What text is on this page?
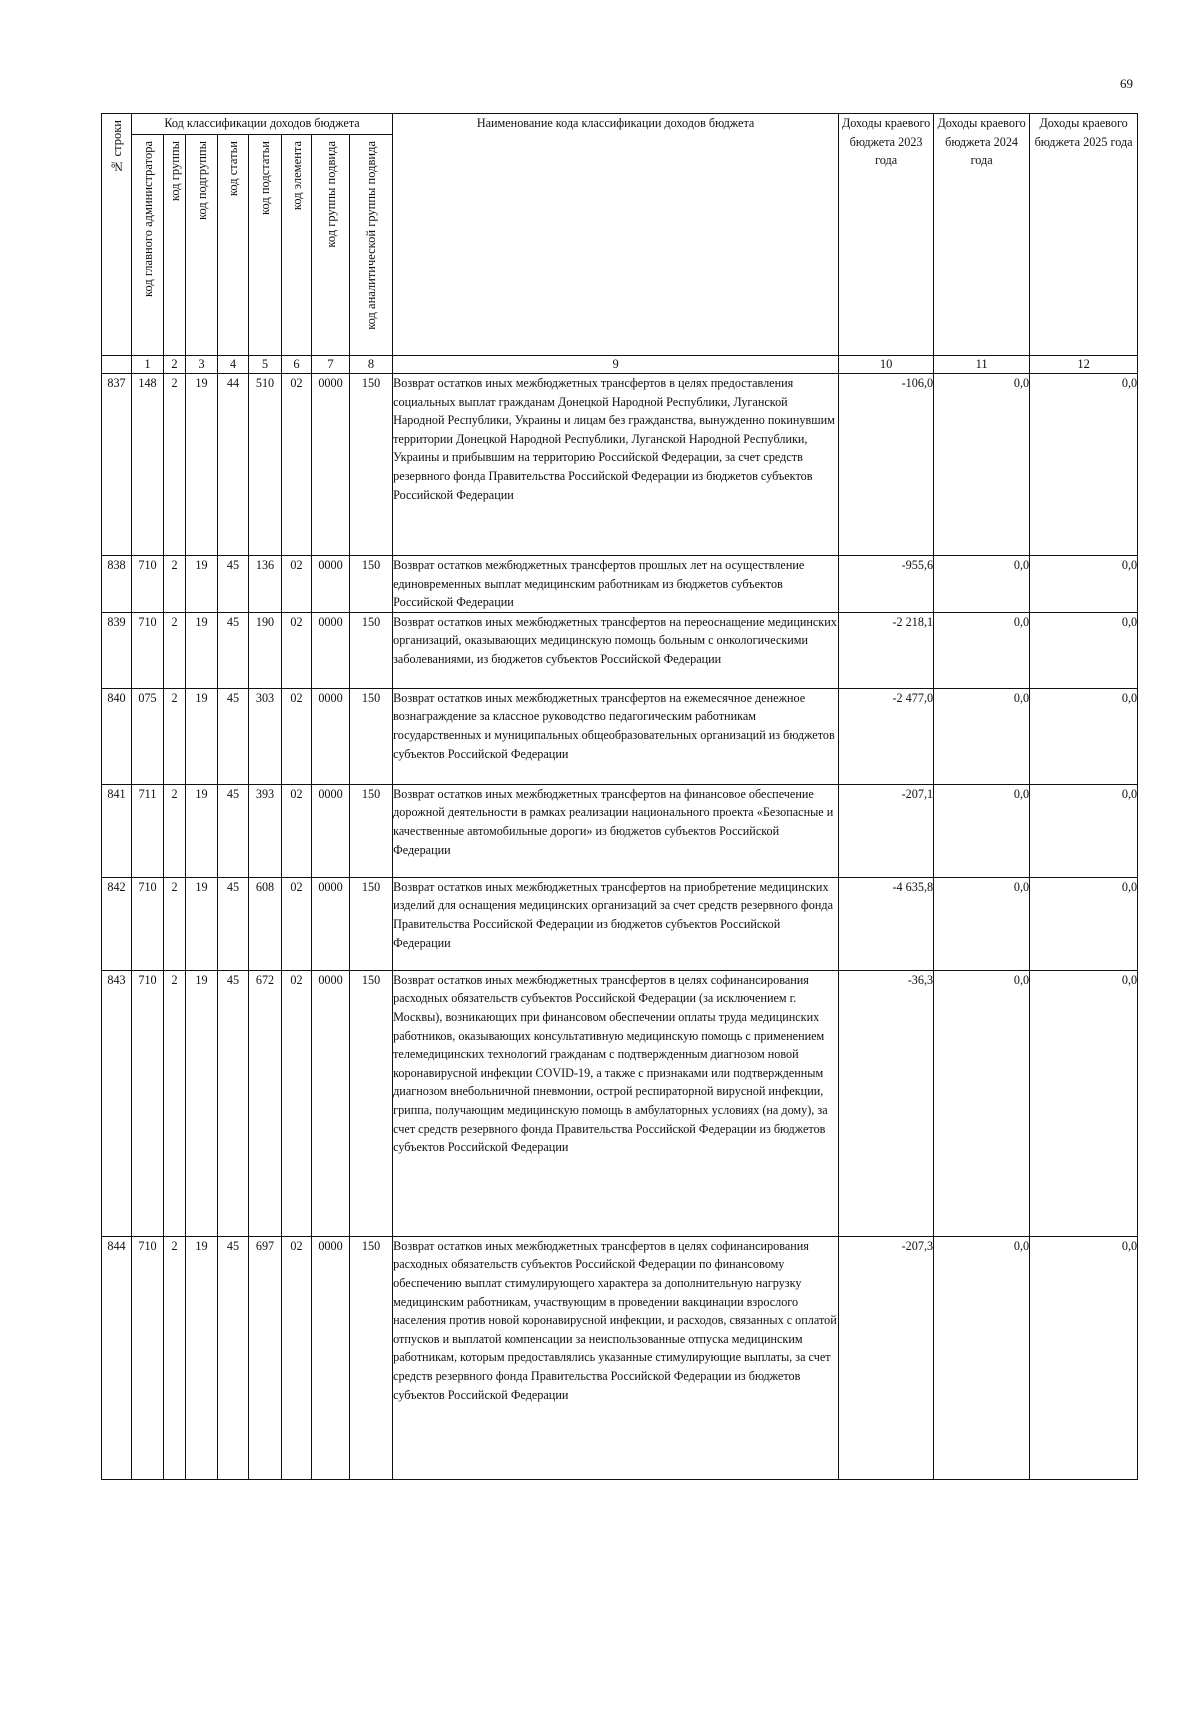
69
№ строки	Код классификации доходов бюджета								Наименование кода классификации доходов бюджета	Доходы краевого бюджета 2023 года	Доходы краевого бюджета 2024 года	Доходы краевого бюджета 2025 года

	код главного администратора	код группы	код подгруппы	код статьи	код подстатьи	код элемента	код группы подвида	код аналитической группы подвида				

	1	2	3	4	5	6	7	8	9	10	11	12
837	148	2	19	44	510	02	0000	150	Возврат остатков иных межбюджетных трансфертов в целях предоставления социальных выплат гражданам Донецкой Народной Республики, Луганской Народной Республики, Украины и лицам без гражданства, вынужденно покинувшим территории Донецкой Народной Республики, Луганской Народной Республики, Украины и прибывшим на территорию Российской Федерации, за счет средств резервного фонда Правительства Российской Федерации из бюджетов субъектов Российской Федерации	-106,0	0,0	0,0
838	710	2	19	45	136	02	0000	150	Возврат остатков межбюджетных трансфертов прошлых лет на осуществление единовременных выплат медицинским работникам из бюджетов субъектов Российской Федерации	-955,6	0,0	0,0
839	710	2	19	45	190	02	0000	150	Возврат остатков иных межбюджетных трансфертов на переоснащение медицинских организаций, оказывающих медицинскую помощь больным с онкологическими заболеваниями, из бюджетов субъектов Российской Федерации	-2 218,1	0,0	0,0
840	075	2	19	45	303	02	0000	150	Возврат остатков иных межбюджетных трансфертов на ежемесячное денежное вознаграждение за классное руководство педагогическим работникам государственных и муниципальных общеобразовательных организаций из бюджетов субъектов Российской Федерации	-2 477,0	0,0	0,0
841	711	2	19	45	393	02	0000	150	Возврат остатков иных межбюджетных трансфертов на финансовое обеспечение дорожной деятельности в рамках реализации национального проекта «Безопасные и качественные автомобильные дороги» из бюджетов субъектов Российской Федерации	-207,1	0,0	0,0
842	710	2	19	45	608	02	0000	150	Возврат остатков иных межбюджетных трансфертов на приобретение медицинских изделий для оснащения медицинских организаций за счет средств резервного фонда Правительства Российской Федерации из бюджетов субъектов Российской Федерации	-4 635,8	0,0	0,0
843	710	2	19	45	672	02	0000	150	Возврат остатков иных межбюджетных трансфертов в целях софинансирования расходных обязательств субъектов Российской Федерации (за исключением г. Москвы), возникающих при финансовом обеспечении оплаты труда медицинских работников, оказывающих консультативную медицинскую помощь с применением телемедицинских технологий гражданам с подтвержденным диагнозом новой коронавирусной инфекции COVID-19, а также с признаками или подтвержденным диагнозом внебольничной пневмонии, острой респираторной вирусной инфекции, гриппа, получающим медицинскую помощь в амбулаторных условиях (на дому), за счет средств резервного фонда Правительства Российской Федерации из бюджетов субъектов Российской Федерации	-36,3	0,0	0,0
844	710	2	19	45	697	02	0000	150	Возврат остатков иных межбюджетных трансфертов в целях софинансирования расходных обязательств субъектов Российской Федерации по финансовому обеспечению выплат стимулирующего характера за дополнительную нагрузку медицинским работникам, участвующим в проведении вакцинации взрослого населения против новой коронавирусной инфекции, и расходов, связанных с оплатой отпусков и выплатой компенсации за неиспользованные отпуска медицинским работникам, которым предоставлялись указанные стимулирующие выплаты, за счет средств резервного фонда Правительства Российской Федерации из бюджетов субъектов Российской Федерации	-207,3	0,0	0,0
